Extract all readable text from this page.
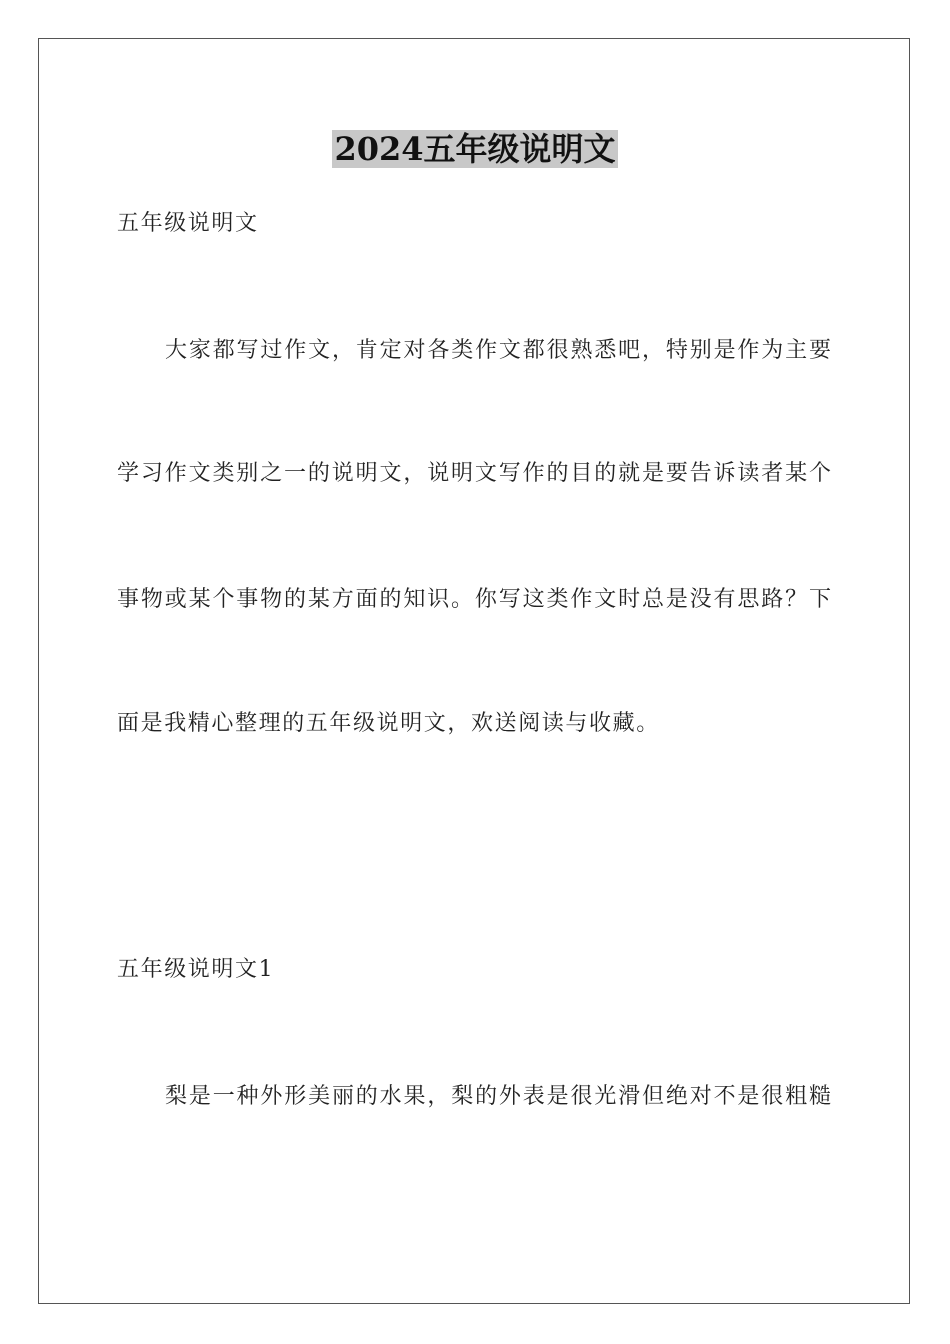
2024五年级说明文
五年级说明文
大家都写过作文，肯定对各类作文都很熟悉吧，特别是作为主要
学习作文类别之一的说明文，说明文写作的目的就是要告诉读者某个
事物或某个事物的某方面的知识。你写这类作文时总是没有思路？下
面是我精心整理的五年级说明文，欢送阅读与收藏。
五年级说明文1
梨是一种外形美丽的水果，梨的外表是很光滑但绝对不是很粗糙
